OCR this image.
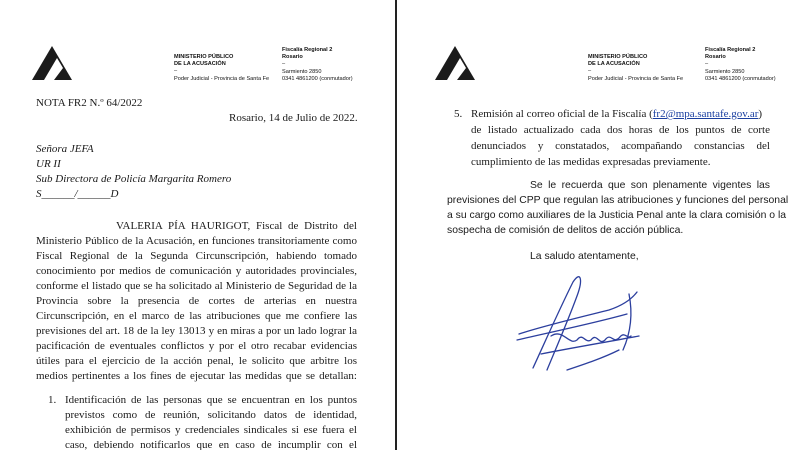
MINISTERIO PÚBLICO
DE LA ACUSACIÓN
–
Poder Judicial - Provincia de Santa Fe
Fiscalía Regional 2
Rosario
–
Sarmiento 2850
0341 4861200 (conmutador)
NOTA FR2 N.º 64/2022
Rosario, 14 de Julio de 2022.
Señora JEFA
UR II
Sub Directora de Policía Margarita Romero
S______/______D
VALERIA PÍA HAURIGOT, Fiscal de Distrito del
Ministerio Público de la Acusación, en funciones transitoriamente como
Fiscal Regional de la Segunda Circunscripción, habiendo tomado
conocimiento por medios de comunicación y autoridades provinciales,
conforme el listado que se ha solicitado al Ministerio de Seguridad de la
Provincia sobre la presencia de cortes de arterias en nuestra
Circunscripción, en el marco de las atribuciones que me confiere las
previsiones del art. 18 de la ley 13013 y en miras a por un lado lograr la
pacificación de eventuales conflictos y por el otro recabar evidencias
útiles para el ejercicio de la acción penal, le solicito que arbitre los
medios pertinentes a los fines de ejecutar las medidas que se detallan:
1. Identificación de las personas que se encuentran en los puntos
previstos como de reunión, solicitando datos de identidad,
exhibición de permisos y credenciales sindicales si ese fuera el
caso, debiendo notificarlos que en caso de incumplir con el
MINISTERIO PÚBLICO
DE LA ACUSACIÓN
–
Poder Judicial - Provincia de Santa Fe
Fiscalía Regional 2
Rosario
–
Sarmiento 2850
0341 4861200 (conmutador)
5. Remisión al correo oficial de la Fiscalía (fr2@mpa.santafe.gov.ar)
de listado actualizado cada dos horas de los puntos de corte
denunciados y constatados, acompañando constancias del
cumplimiento de las medidas expresadas previamente.
Se le recuerda que son plenamente vigentes las
previsiones del CPP que regulan las atribuciones y funciones del personal
a su cargo como auxiliares de la Justicia Penal ante la clara comisión o la
sospecha de comisión de delitos de acción pública.
La saludo atentamente,
